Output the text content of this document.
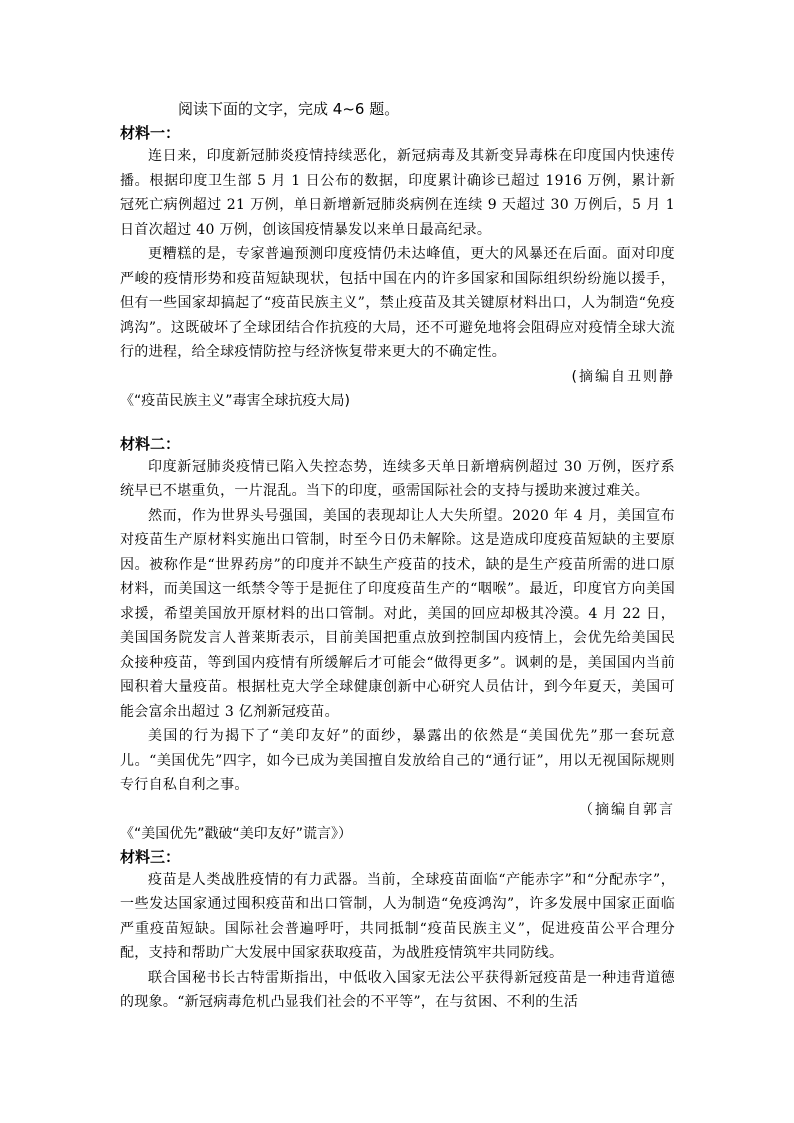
阅读下面的文字，完成 4~6 题。

材料一：

连日来，印度新冠肺炎疫情持续恶化，新冠病毒及其新变异毒株在印度国内快速传播。根据印度卫生部 5 月 1 日公布的数据，印度累计确诊已超过 1916 万例，累计新冠死亡病例超过 21 万例，单日新增新冠肺炎病例在连续 9 天超过 30 万例后，5 月 1 日首次超过 40 万例，创该国疫情暴发以来单日最高纪录。

更糟糕的是，专家普遍预测印度疫情仍未达峰值，更大的风暴还在后面。面对印度严峻的疫情形势和疫苗短缺现状，包括中国在内的许多国家和国际组织纷纷施以援手，但有一些国家却搞起了“疫苗民族主义”，禁止疫苗及其关键原材料出口，人为制造“免疫鸿沟”。这既破坏了全球团结合作抗疫的大局，还不可避免地将会阻碍应对疫情全球大流行的进程，给全球疫情防控与经济恢复带来更大的不确定性。

(摘编自丑则静
《“疫苗民族主义”毒害全球抗疫大局)

材料二：

印度新冠肺炎疫情已陷入失控态势，连续多天单日新增病例超过 30 万例，医疗系统早已不堪重负，一片混乱。当下的印度，亟需国际社会的支持与援助来渡过难关。

然而，作为世界头号强国，美国的表现却让人大失所望。2020 年 4 月，美国宣布对疫苗生产原材料实施出口管制，时至今日仍未解除。这是造成印度疫苗短缺的主要原因。被称作是“世界药房”的印度并不缺生产疫苗的技术，缺的是生产疫苗所需的进口原材料，而美国这一纸禁令等于是扼住了印度疫苗生产的“咽喉”。最近，印度官方向美国求援，希望美国放开原材料的出口管制。对此，美国的回应却极其冷漠。4 月 22 日，美国国务院发言人普莱斯表示，目前美国把重点放到控制国内疫情上，会优先给美国民众接种疫苗，等到国内疫情有所缓解后才可能会“做得更多”。讽刺的是，美国国内当前囤积着大量疫苗。根据杜克大学全球健康创新中心研究人员估计，到今年夏天，美国可能会富余出超过 3 亿剂新冠疫苗。

美国的行为揭下了“美印友好”的面纱，暴露出的依然是“美国优先”那一套玩意儿。“美国优先”四字，如今已成为美国擅自发放给自己的“通行证”，用以无视国际规则专行自私自利之事。

（摘编自郭言
《“美国优先”戳破“美印友好”谎言》）

材料三：

疫苗是人类战胜疫情的有力武器。当前，全球疫苗面临“产能赤字”和“分配赤字”，一些发达国家通过囤积疫苗和出口管制，人为制造“免疫鸿沟”，许多发展中国家正面临严重疫苗短缺。国际社会普遍呼吁，共同抵制“疫苗民族主义”，促进疫苗公平合理分配，支持和帮助广大发展中国家获取疫苗，为战胜疫情筑牢共同防线。

联合国秘书长古特雷斯指出，中低收入国家无法公平获得新冠疫苗是一种违背道德的现象。“新冠病毒危机凸显我们社会的不平等”，在与贫困、不利的生活
